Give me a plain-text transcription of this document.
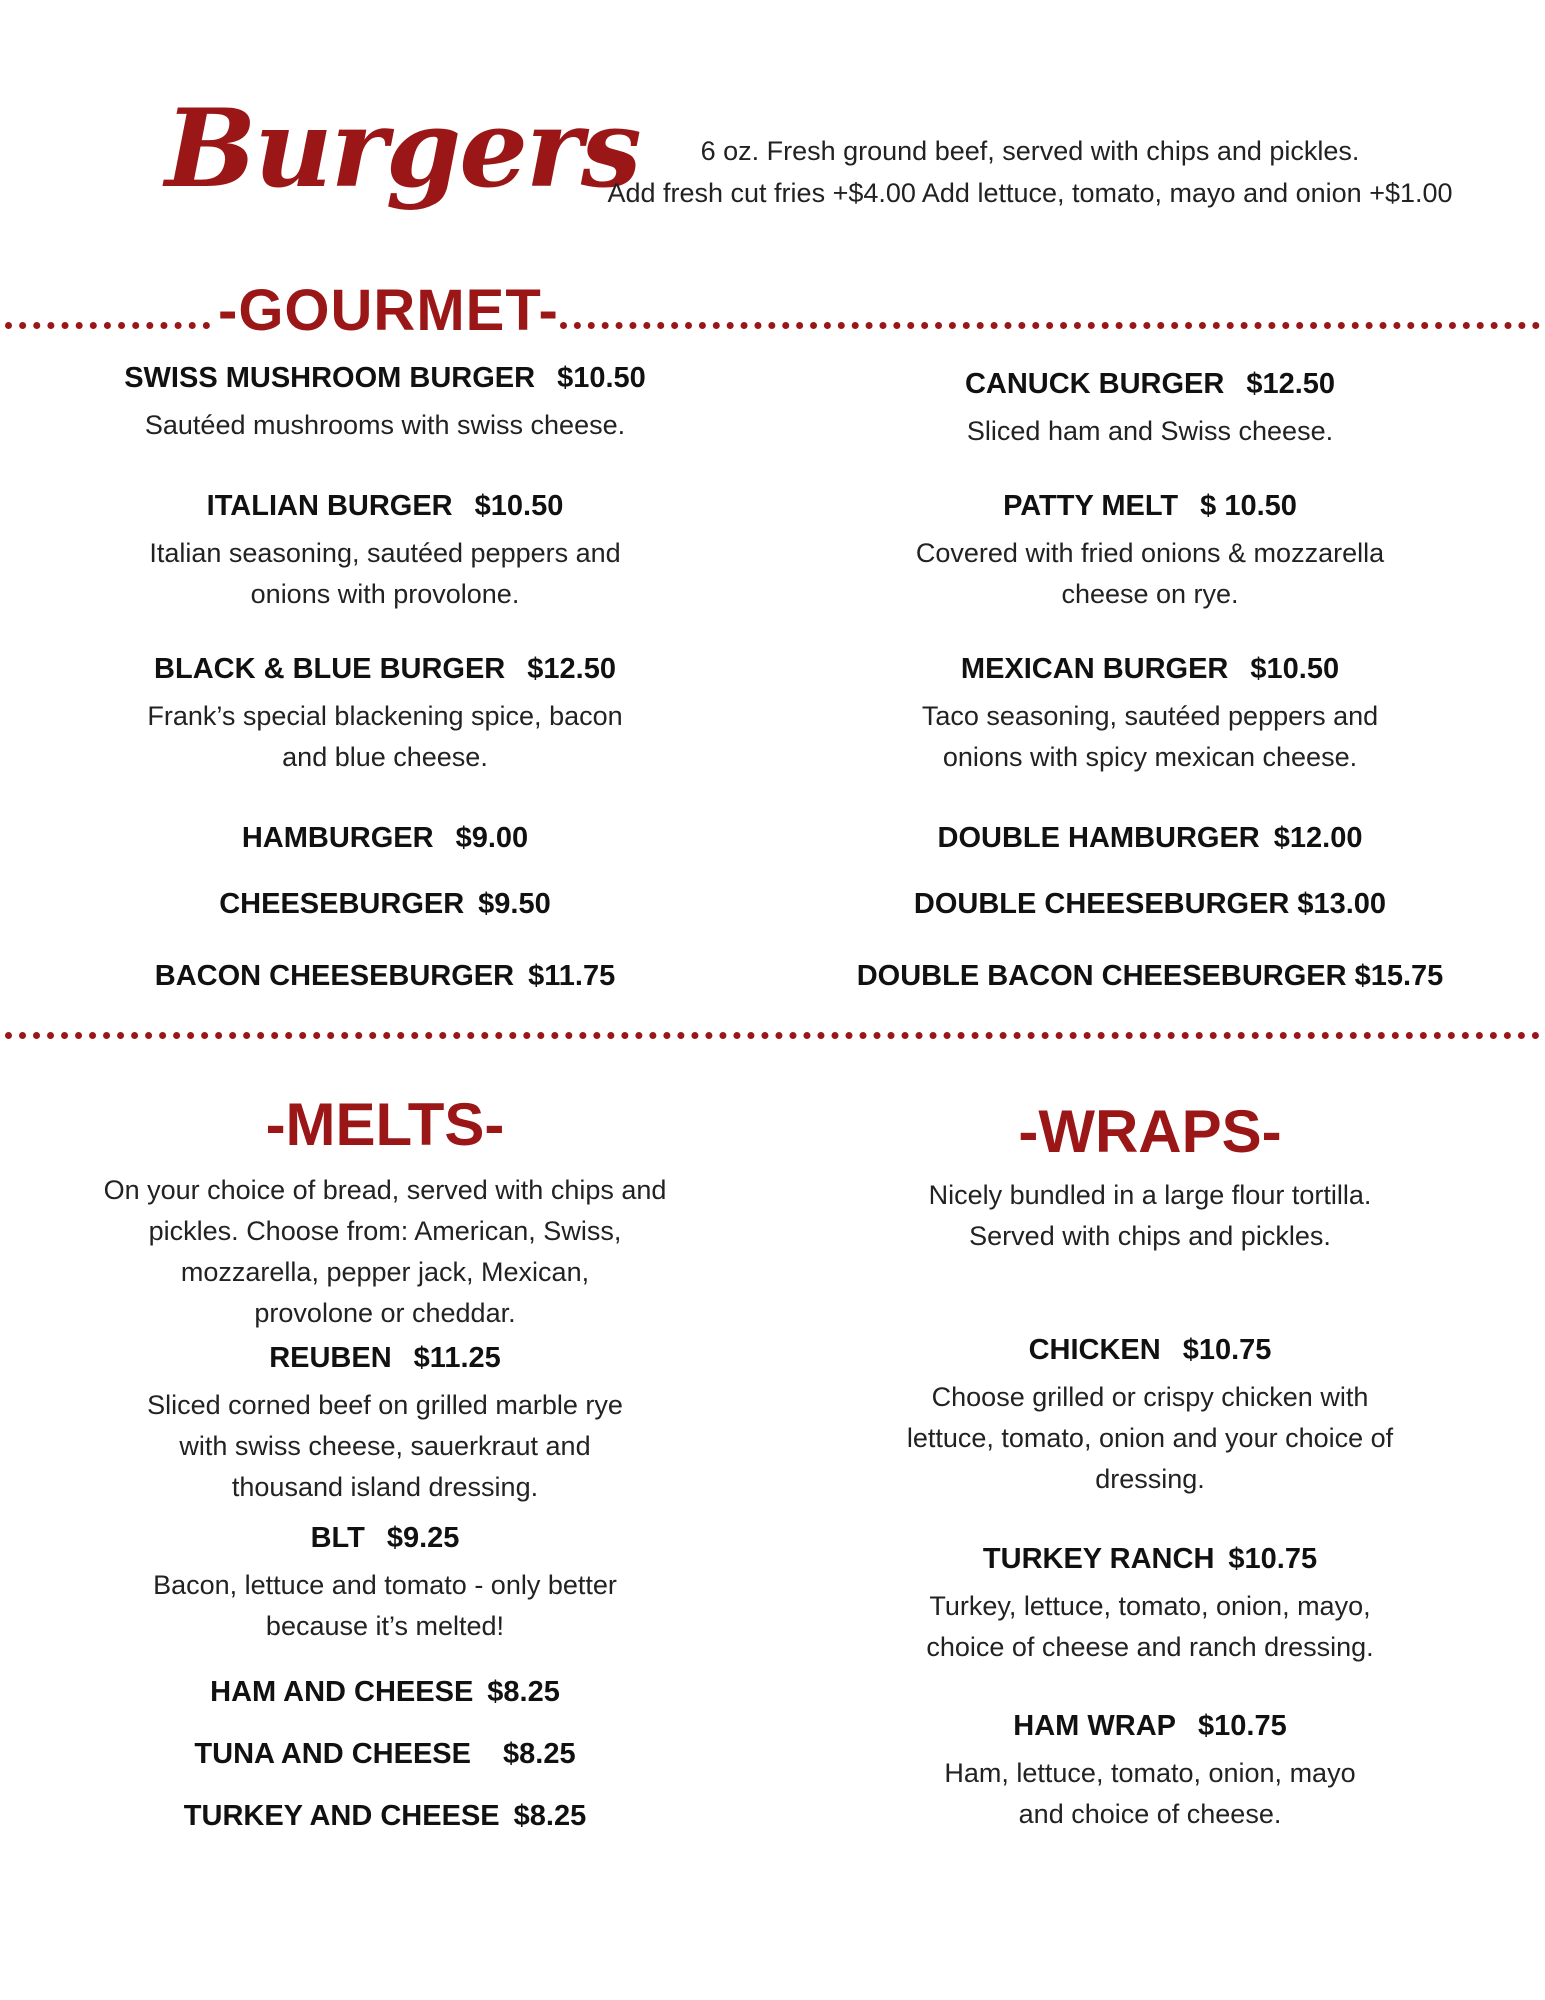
Burgers	6 oz. Fresh ground beef, served with chips and pickles.
Add fresh cut fries +$4.00 Add lettuce, tomato, mayo and onion +$1.00
-GOURMET-
SWISS MUSHROOM BURGER $10.50
Sautéed mushrooms with swiss cheese.
ITALIAN BURGER $10.50
Italian seasoning, sautéed peppers and
onions with provolone.
BLACK & BLUE BURGER $12.50
Frank’s special blackening spice, bacon
and blue cheese.
HAMBURGER $9.00
CHEESEBURGER $9.50
BACON CHEESEBURGER $11.75
CANUCK BURGER $12.50
Sliced ham and Swiss cheese.
PATTY MELT $ 10.50
Covered with fried onions & mozzarella
cheese on rye.
MEXICAN BURGER $10.50
Taco seasoning, sautéed peppers and
onions with spicy mexican cheese.
DOUBLE HAMBURGER $12.00
DOUBLE CHEESEBURGER $13.00
DOUBLE BACON CHEESEBURGER $15.75
-MELTS-
On your choice of bread, served with chips and
pickles. Choose from: American, Swiss,
mozzarella, pepper jack, Mexican,
provolone or cheddar.
REUBEN $11.25
Sliced corned beef on grilled marble rye
with swiss cheese, sauerkraut and
thousand island dressing.
BLT $9.25
Bacon, lettuce and tomato - only better
because it’s melted!
HAM AND CHEESE $8.25
TUNA AND CHEESE $8.25
TURKEY AND CHEESE $8.25
-WRAPS-
Nicely bundled in a large flour tortilla.
Served with chips and pickles.
CHICKEN $10.75
Choose grilled or crispy chicken with
lettuce, tomato, onion and your choice of
dressing.
TURKEY RANCH $10.75
Turkey, lettuce, tomato, onion, mayo,
choice of cheese and ranch dressing.
HAM WRAP $10.75
Ham, lettuce, tomato, onion, mayo
and choice of cheese.
